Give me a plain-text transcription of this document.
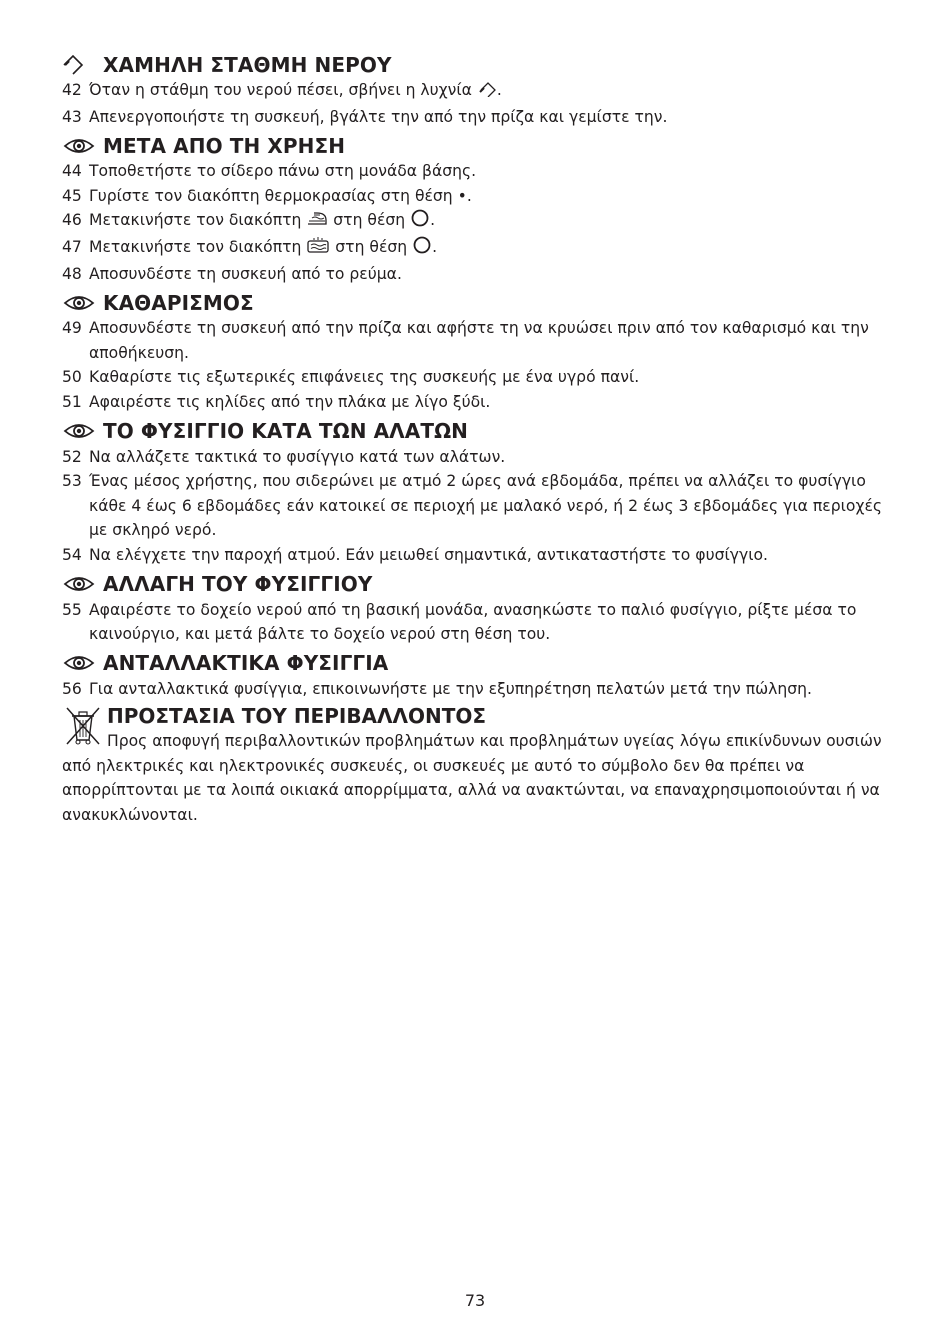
ΧΑΜΗΛΗ ΣΤΑΘΜΗ ΝΕΡΟΥ
42 Όταν η στάθμη του νερού πέσει, σβήνει η λυχνία .
43 Απενεργοποιήστε τη συσκευή, βγάλτε την από την πρίζα και γεμίστε την.
ΜΕΤΑ ΑΠΟ ΤΗ ΧΡΗΣΗ
44 Τοποθετήστε το σίδερο πάνω στη μονάδα βάσης.
45 Γυρίστε τον διακόπτη θερμοκρασίας στη θέση •.
46 Μετακινήστε τον διακόπτη στη θέση .
47 Μετακινήστε τον διακόπτη στη θέση .
48 Αποσυνδέστε τη συσκευή από το ρεύμα.
ΚΑΘΑΡΙΣΜΟΣ
49 Αποσυνδέστε τη συσκευή από την πρίζα και αφήστε τη να κρυώσει πριν από τον καθαρισμό και την αποθήκευση.
50 Καθαρίστε τις εξωτερικές επιφάνειες της συσκευής με ένα υγρό πανί.
51 Αφαιρέστε τις κηλίδες από την πλάκα με λίγο ξύδι.
ΤΟ ΦΥΣΙΓΓΙΟ ΚΑΤΑ ΤΩΝ ΑΛΑΤΩΝ
52 Να αλλάζετε τακτικά το φυσίγγιο κατά των αλάτων.
53 Ένας μέσος χρήστης, που σιδερώνει με ατμό 2 ώρες ανά εβδομάδα, πρέπει να αλλάζει το φυσίγγιο κάθε 4 έως 6 εβδομάδες εάν κατοικεί σε περιοχή με μαλακό νερό, ή 2 έως 3 εβδομάδες για περιοχές με σκληρό νερό.
54 Να ελέγχετε την παροχή ατμού. Εάν μειωθεί σημαντικά, αντικαταστήστε το φυσίγγιο.
ΑΛΛΑΓΗ ΤΟΥ ΦΥΣΙΓΓΙΟΥ
55 Αφαιρέστε το δοχείο νερού από τη βασική μονάδα, ανασηκώστε το παλιό φυσίγγιο, ρίξτε μέσα το καινούργιο, και μετά βάλτε το δοχείο νερού στη θέση του.
ΑΝΤΑΛΛΑΚΤΙΚΑ ΦΥΣΙΓΓΙΑ
56 Για ανταλλακτικά φυσίγγια, επικοινωνήστε με την εξυπηρέτηση πελατών μετά την πώληση.
ΠΡΟΣΤΑΣΙΑ ΤΟΥ ΠΕΡΙΒΑΛΛΟΝΤΟΣ

Προς αποφυγή περιβαλλοντικών προβλημάτων και προβλημάτων υγείας λόγω επικίνδυνων ουσιών από ηλεκτρικές και ηλεκτρονικές συσκευές, οι συσκευές με αυτό το σύμβολο δεν θα πρέπει να απορρίπτονται με τα λοιπά οικιακά απορρίμματα, αλλά να ανακτώνται, να επαναχρησιμοποιούνται ή να ανακυκλώνονται.

73
